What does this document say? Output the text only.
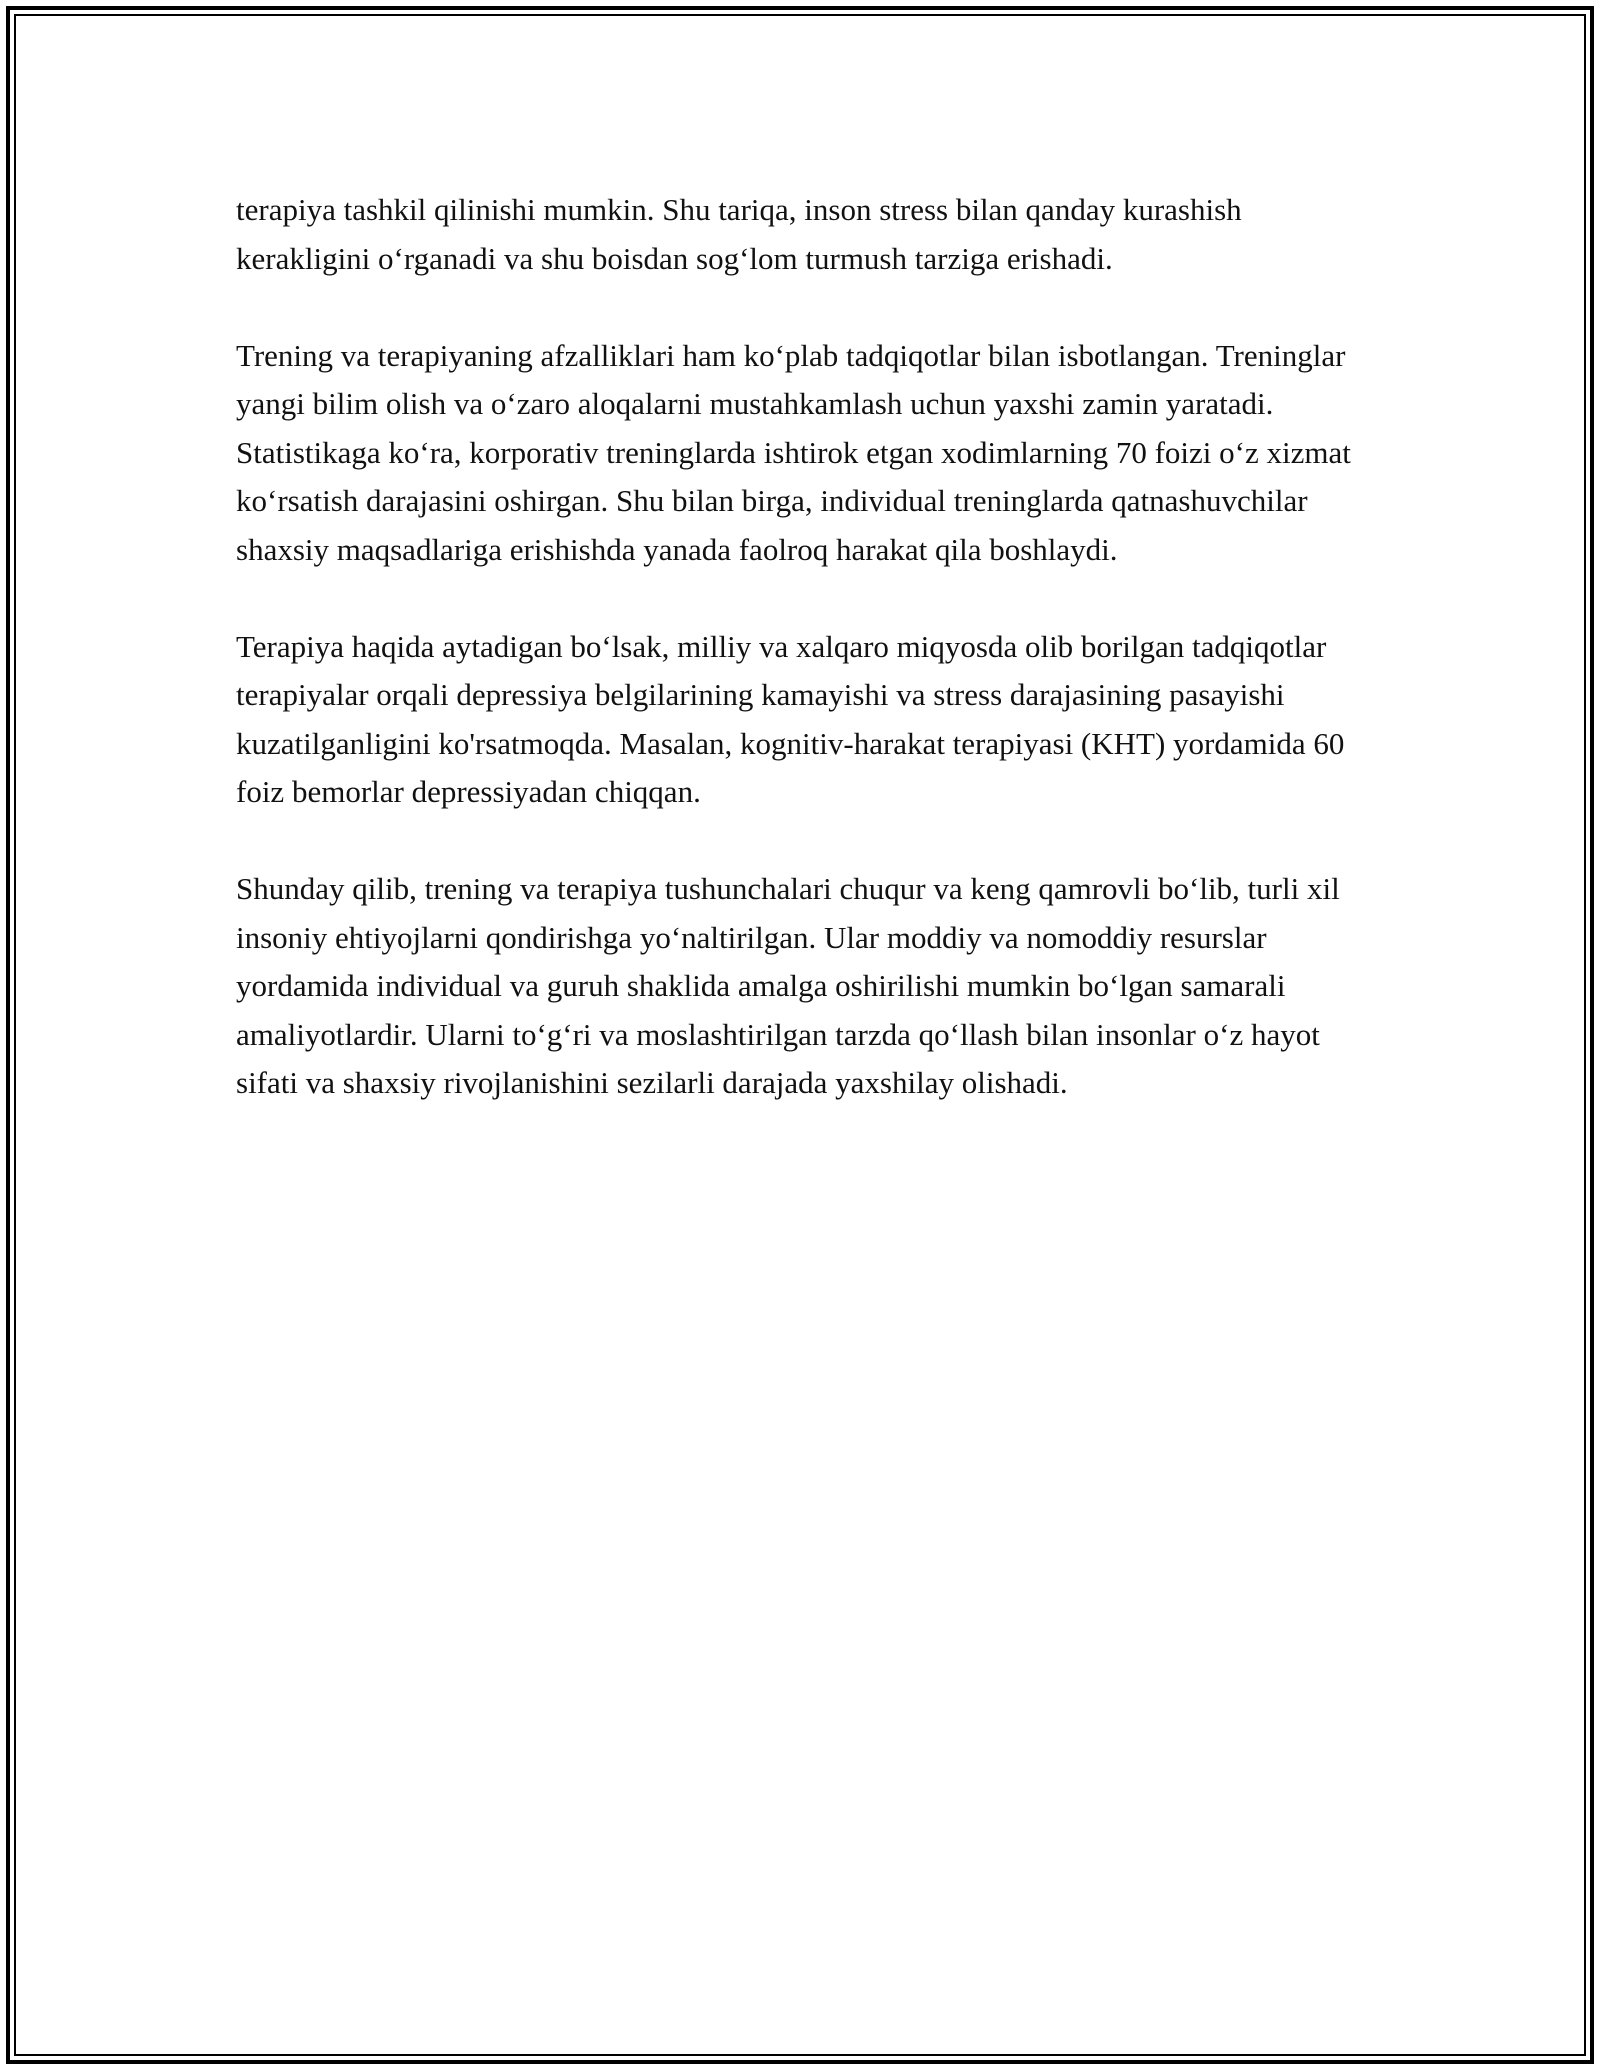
terapiya tashkil qilinishi mumkin. Shu tariqa, inson stress bilan qanday kurashish kerakligini o‘rganadi va shu boisdan sog‘lom turmush tarziga erishadi.

Trening va terapiyaning afzalliklari ham ko‘plab tadqiqotlar bilan isbotlangan. Treninglar yangi bilim olish va o‘zaro aloqalarni mustahkamlash uchun yaxshi zamin yaratadi. Statistikaga ko‘ra, korporativ treninglarda ishtirok etgan xodimlarning 70 foizi o‘z xizmat ko‘rsatish darajasini oshirgan. Shu bilan birga, individual treninglarda qatnashuvchilar shaxsiy maqsadlariga erishishda yanada faolroq harakat qila boshlaydi.

Terapiya haqida aytadigan bo‘lsak, milliy va xalqaro miqyosda olib borilgan tadqiqotlar terapiyalar orqali depressiya belgilarining kamayishi va stress darajasining pasayishi kuzatilganligini ko'rsatmoqda. Masalan, kognitiv-harakat terapiyasi (KHT) yordamida 60 foiz bemorlar depressiyadan chiqqan.

Shunday qilib, trening va terapiya tushunchalari chuqur va keng qamrovli bo‘lib, turli xil insoniy ehtiyojlarni qondirishga yo‘naltirilgan. Ular moddiy va nomoddiy resurslar yordamida individual va guruh shaklida amalga oshirilishi mumkin bo‘lgan samarali amaliyotlardir. Ularni to‘g‘ri va moslashtirilgan tarzda qo‘llash bilan insonlar o‘z hayot sifati va shaxsiy rivojlanishini sezilarli darajada yaxshilay olishadi.
